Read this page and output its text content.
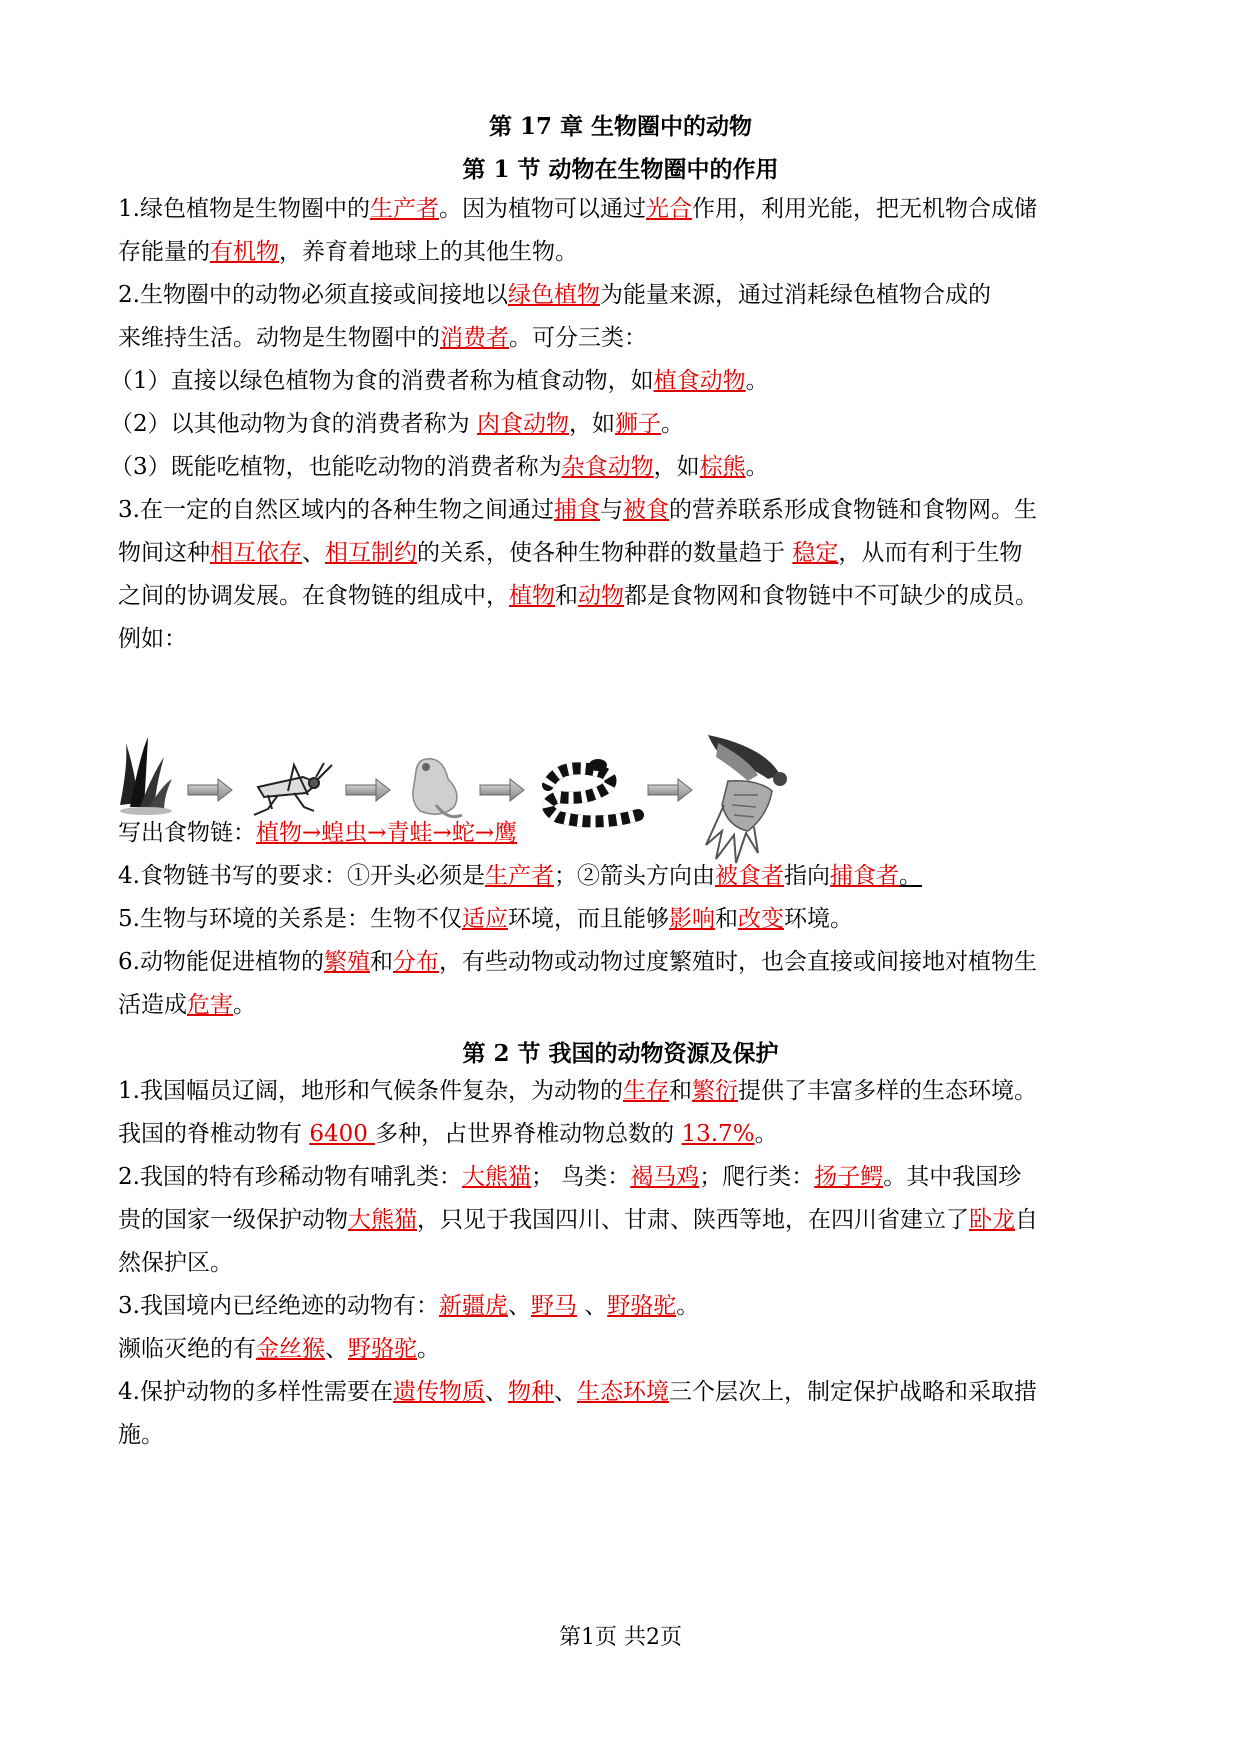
第 17 章 生物圈中的动物
第 1 节 动物在生物圈中的作用
1.绿色植物是生物圈中的生产者。因为植物可以通过光合作用，利用光能，把无机物合成储
存能量的有机物，养育着地球上的其他生物。
2.生物圈中的动物必须直接或间接地以绿色植物为能量来源，通过消耗绿色植物合成的
来维持生活。动物是生物圈中的消费者。可分三类：
（1）直接以绿色植物为食的消费者称为植食动物，如植食动物。
（2）以其他动物为食的消费者称为 肉食动物，如狮子。
（3）既能吃植物，也能吃动物的消费者称为杂食动物，如棕熊。
3.在一定的自然区域内的各种生物之间通过捕食与被食的营养联系形成食物链和食物网。生
物间这种相互依存、相互制约的关系，使各种生物种群的数量趋于 稳定，从而有利于生物
之间的协调发展。在食物链的组成中，植物和动物都是食物网和食物链中不可缺少的成员。
例如：
写出食物链：植物→蝗虫→青蛙→蛇→鹰
4.食物链书写的要求：①开头必须是生产者；②箭头方向由被食者指向捕食者。
5.生物与环境的关系是：生物不仅适应环境，而且能够影响和改变环境。
6.动物能促进植物的繁殖和分布，有些动物或动物过度繁殖时，也会直接或间接地对植物生
活造成危害。
第 2 节 我国的动物资源及保护
1.我国幅员辽阔，地形和气候条件复杂，为动物的生存和繁衍提供了丰富多样的生态环境。
我国的脊椎动物有 6400 多种，占世界脊椎动物总数的 13.7%。
2.我国的特有珍稀动物有哺乳类：大熊猫； 鸟类：褐马鸡；爬行类：扬子鳄。其中我国珍
贵的国家一级保护动物大熊猫，只见于我国四川、甘肃、陕西等地，在四川省建立了卧龙自
然保护区。
3.我国境内已经绝迹的动物有：新疆虎、野马 、野骆驼。
濒临灭绝的有金丝猴、野骆驼。
4.保护动物的多样性需要在遗传物质、物种、生态环境三个层次上，制定保护战略和采取措
施。
第1页 共2页
